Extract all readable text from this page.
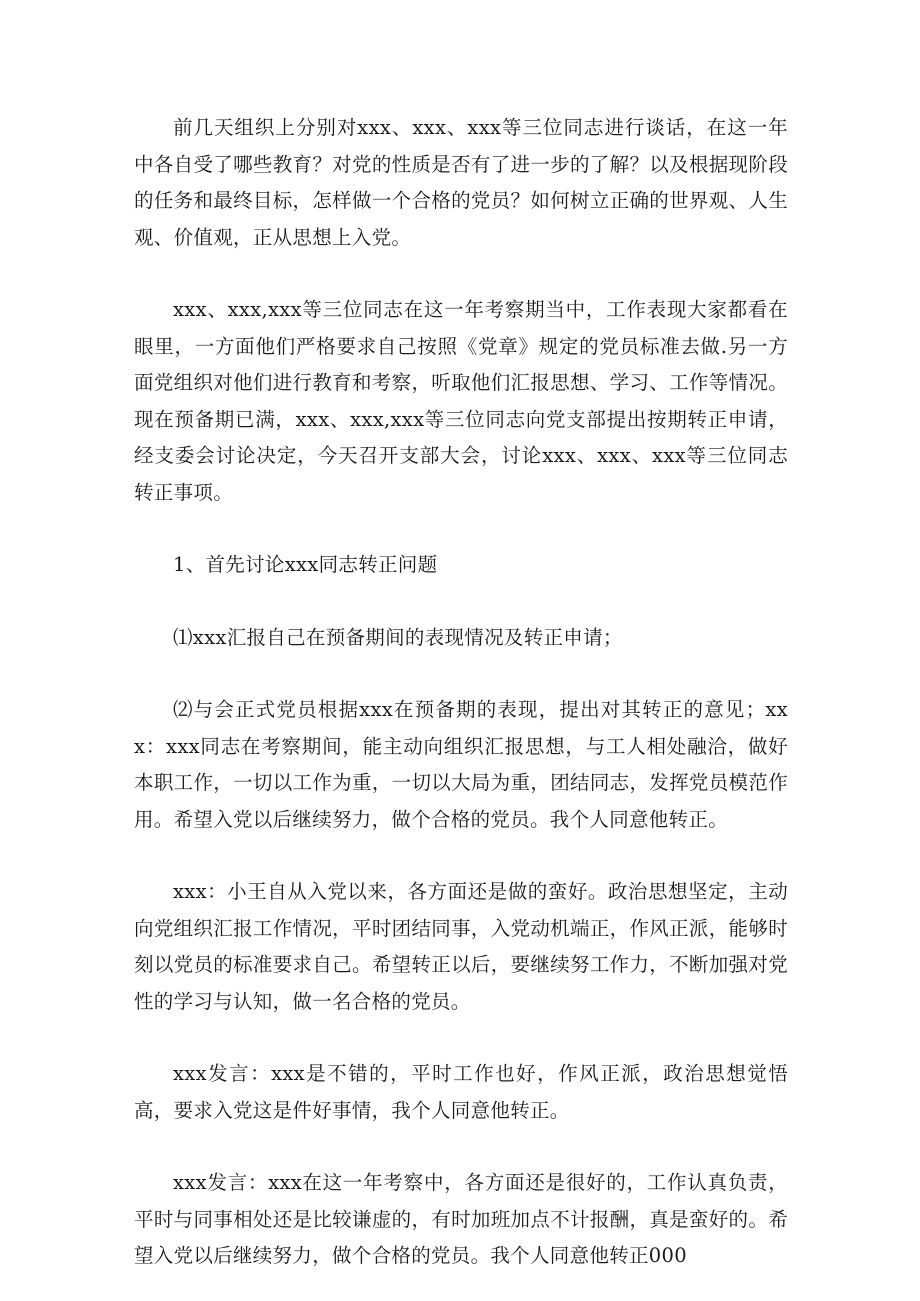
前几天组织上分别对xxx、xxx、xxx等三位同志进行谈话，在这一年中各自受了哪些教育？对党的性质是否有了进一步的了解？以及根据现阶段的任务和最终目标，怎样做一个合格的党员？如何树立正确的世界观、人生观、价值观，正从思想上入党。

xxx、xxx,xxx等三位同志在这一年考察期当中，工作表现大家都看在眼里，一方面他们严格要求自己按照《党章》规定的党员标准去做.另一方面党组织对他们进行教育和考察，听取他们汇报思想、学习、工作等情况。现在预备期已满，xxx、xxx,xxx等三位同志向党支部提出按期转正申请，经支委会讨论决定，今天召开支部大会，讨论xxx、xxx、xxx等三位同志转正事项。

1、首先讨论xxx同志转正问题

⑴xxx汇报自己在预备期间的表现情况及转正申请；

⑵与会正式党员根据xxx在预备期的表现，提出对其转正的意见；xxx：xxx同志在考察期间，能主动向组织汇报思想，与工人相处融洽，做好本职工作，一切以工作为重，一切以大局为重，团结同志，发挥党员模范作用。希望入党以后继续努力，做个合格的党员。我个人同意他转正。

xxx：小王自从入党以来，各方面还是做的蛮好。政治思想坚定，主动向党组织汇报工作情况，平时团结同事，入党动机端正，作风正派，能够时刻以党员的标准要求自己。希望转正以后，要继续努工作力，不断加强对党性的学习与认知，做一名合格的党员。

xxx发言：xxx是不错的，平时工作也好，作风正派，政治思想觉悟高，要求入党这是件好事情，我个人同意他转正。

xxx发言：xxx在这一年考察中，各方面还是很好的，工作认真负责，平时与同事相处还是比较谦虚的，有时加班加点不计报酬，真是蛮好的。希望入党以后继续努力，做个合格的党员。我个人同意他转正000
